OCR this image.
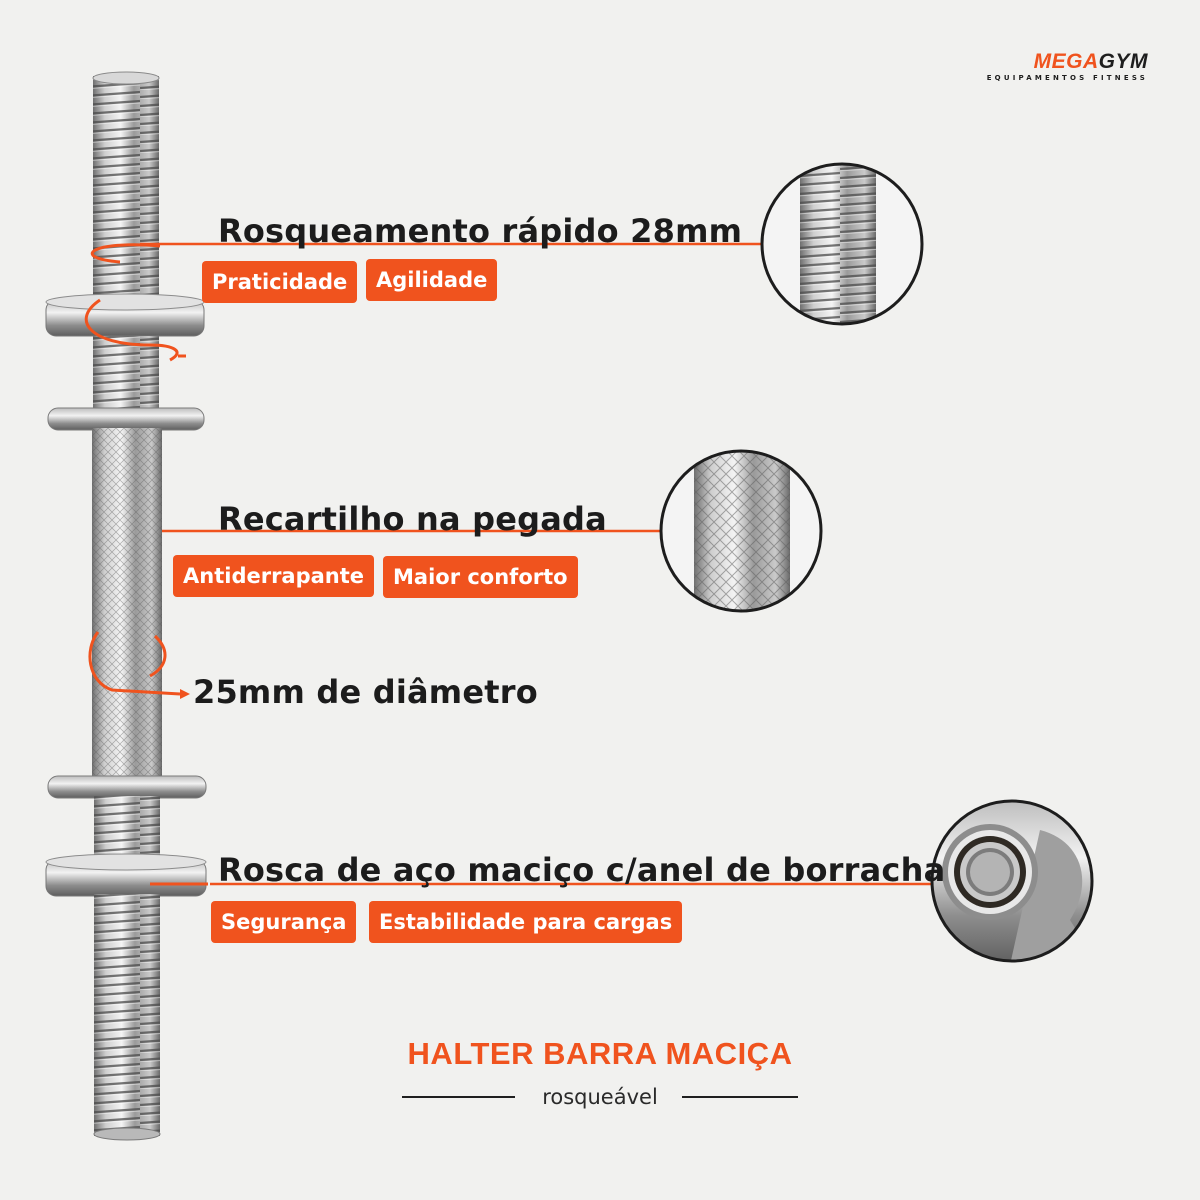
MEGAGYM
EQUIPAMENTOS FITNESS
Rosqueamento rápido 28mm
Praticidade	Agilidade
Recartilho na pegada
Antiderrapante	Maior conforto
25mm de diâmetro
Rosca de aço maciço c/anel de borracha
Segurança	Estabilidade para cargas
HALTER BARRA MACIÇA
rosqueável
